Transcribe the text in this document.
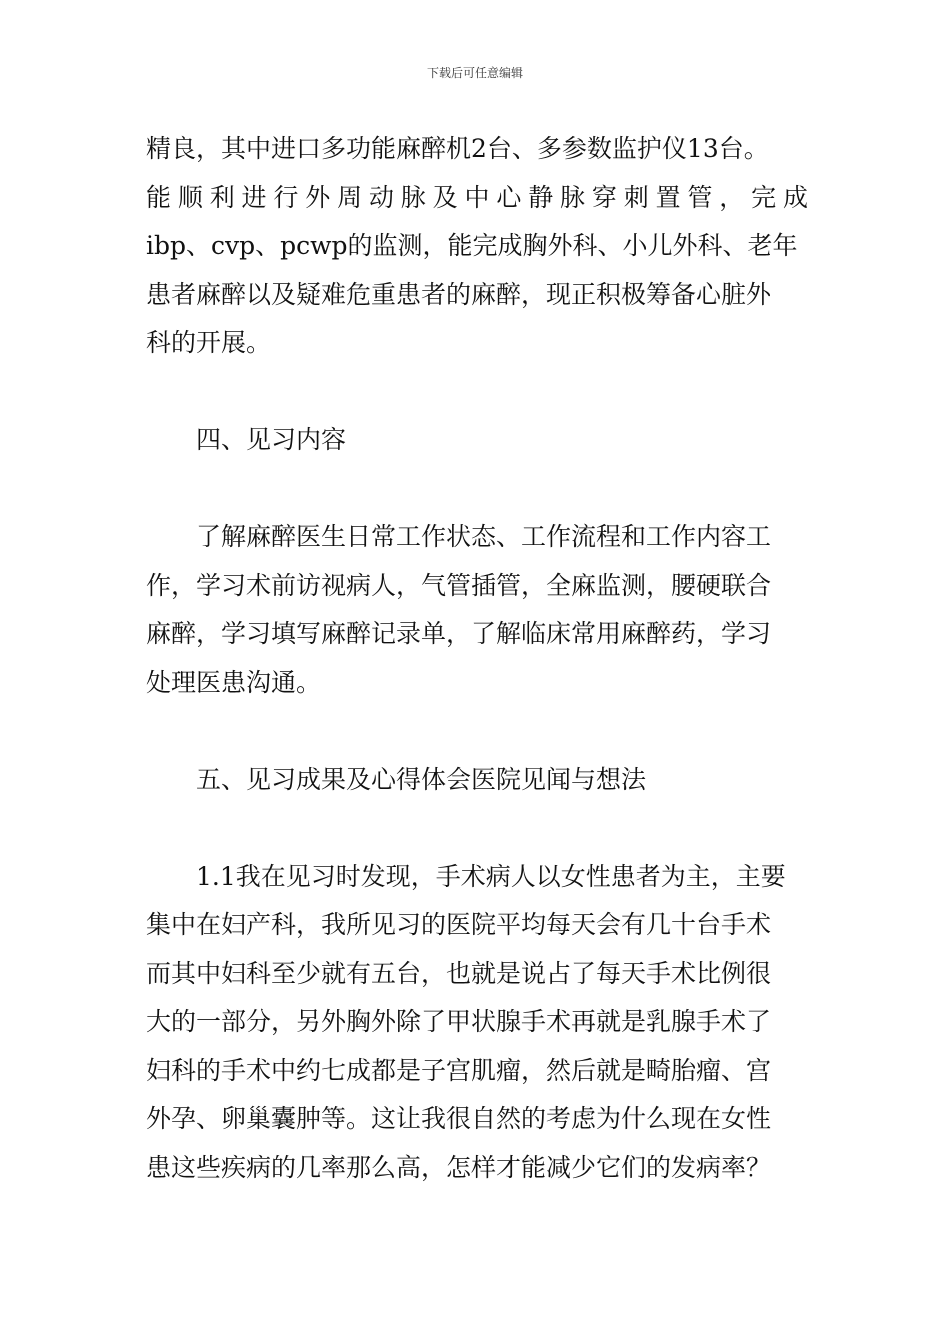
下载后可任意编辑
精良，其中进口多功能麻醉机2台、多参数监护仪13台。
能顺利进行外周动脉及中心静脉穿刺置管，完成
ibp、cvp、pcwp的监测，能完成胸外科、小儿外科、老年
患者麻醉以及疑难危重患者的麻醉，现正积极筹备心脏外
科的开展。
四、见习内容
了解麻醉医生日常工作状态、工作流程和工作内容工
作，学习术前访视病人，气管插管，全麻监测，腰硬联合
麻醉，学习填写麻醉记录单，了解临床常用麻醉药，学习
处理医患沟通。
五、见习成果及心得体会医院见闻与想法
1.1我在见习时发现，手术病人以女性患者为主，主要
集中在妇产科，我所见习的医院平均每天会有几十台手术
而其中妇科至少就有五台，也就是说占了每天手术比例很
大的一部分，另外胸外除了甲状腺手术再就是乳腺手术了
妇科的手术中约七成都是子宫肌瘤，然后就是畸胎瘤、宫
外孕、卵巢囊肿等。这让我很自然的考虑为什么现在女性
患这些疾病的几率那么高，怎样才能减少它们的发病率？
